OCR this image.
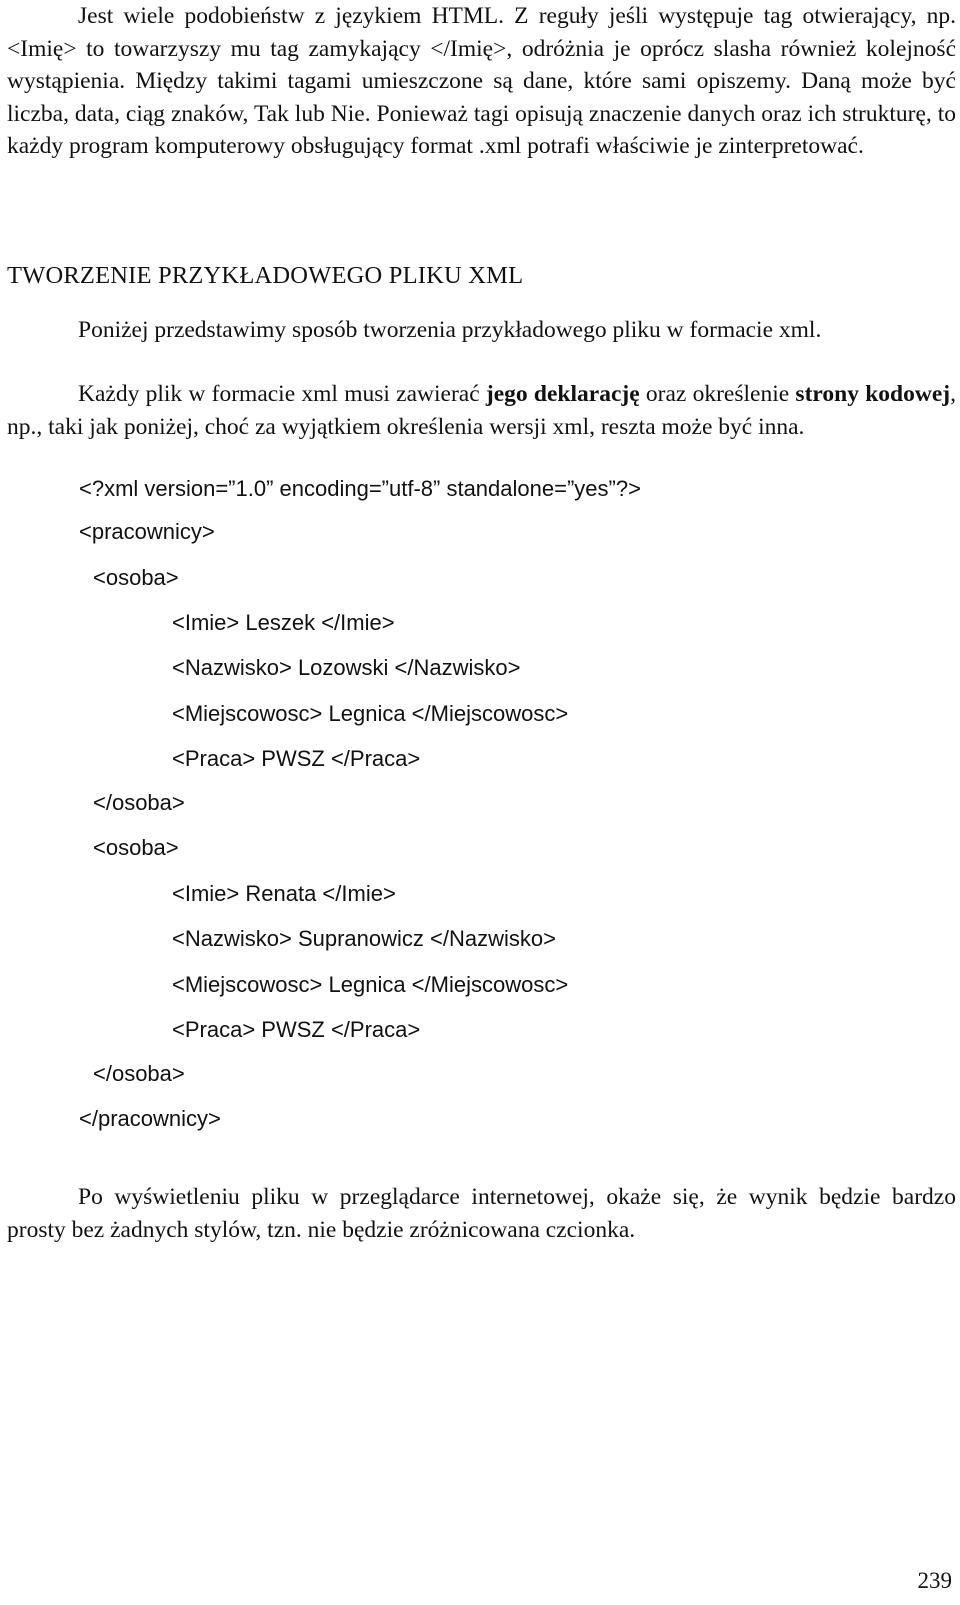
Jest wiele podobieństw z językiem HTML. Z reguły jeśli występuje tag otwierający, np. <Imię> to towarzyszy mu tag zamykający </Imię>, odróżnia je oprócz slasha również kolejność wystąpienia. Między takimi tagami umieszczone są dane, które sami opiszemy. Daną może być liczba, data, ciąg znaków, Tak lub Nie. Ponieważ tagi opisują znaczenie danych oraz ich strukturę, to każdy program komputerowy obsługujący format .xml potrafi właściwie je zinterpretować.

TWORZENIE PRZYKŁADOWEGO PLIKU XML

Poniżej przedstawimy sposób tworzenia przykładowego pliku w formacie xml.

Każdy plik w formacie xml musi zawierać jego deklarację oraz określenie strony kodowej, np., taki jak poniżej, choć za wyjątkiem określenia wersji xml, reszta może być inna.

<?xml version=”1.0” encoding=”utf-8” standalone=”yes”?>
<pracownicy>
<osoba>
<Imie> Leszek </Imie>
<Nazwisko> Lozowski </Nazwisko>
<Miejscowosc> Legnica </Miejscowosc>
<Praca> PWSZ </Praca>
</osoba>
<osoba>
<Imie> Renata </Imie>
<Nazwisko> Supranowicz </Nazwisko>
<Miejscowosc> Legnica </Miejscowosc>
<Praca> PWSZ </Praca>
</osoba>
</pracownicy>

Po wyświetleniu pliku w przeglądarce internetowej, okaże się, że wynik będzie bardzo prosty bez żadnych stylów, tzn. nie będzie zróżnicowana czcionka.

239
